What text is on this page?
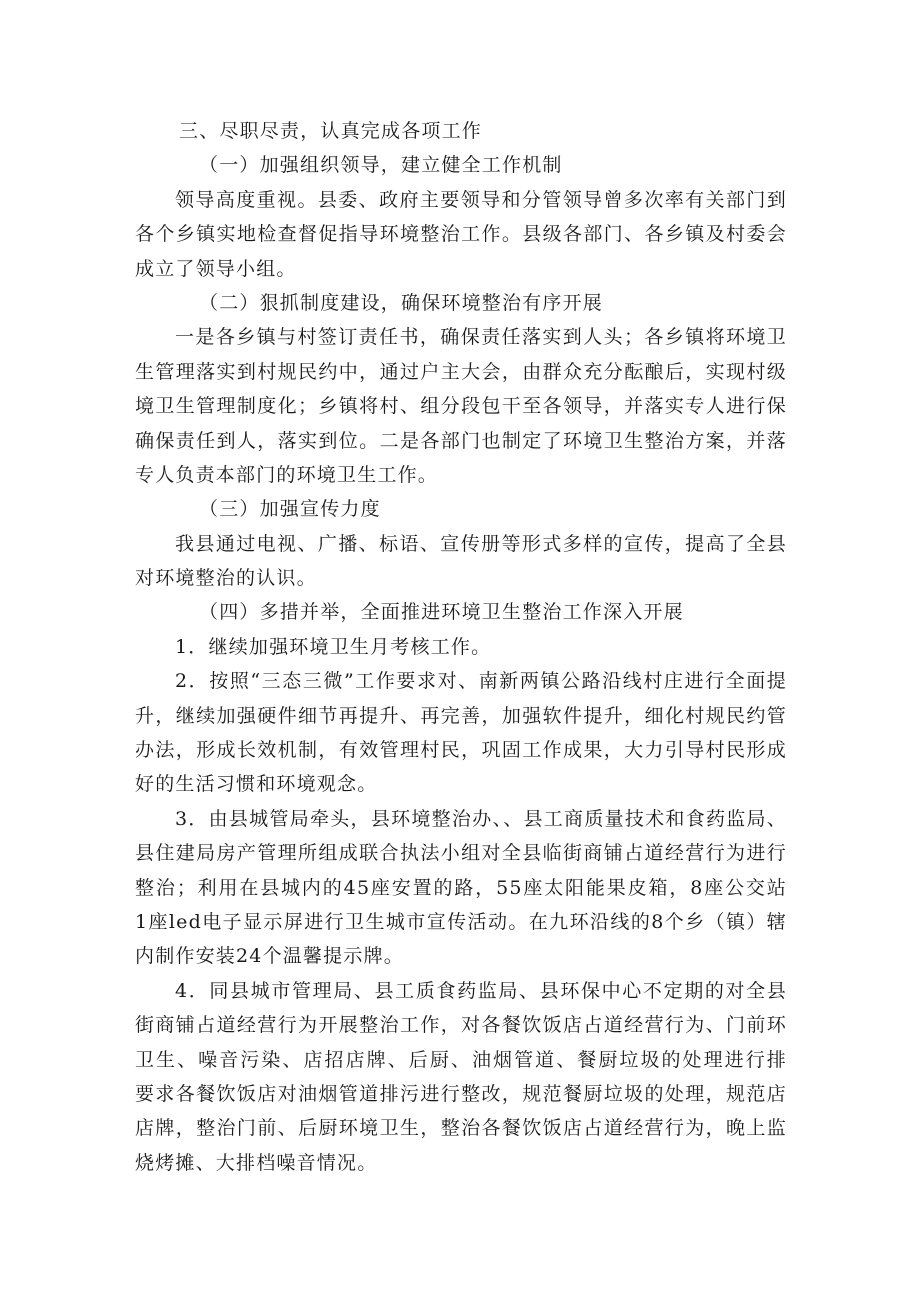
三、尽职尽责，认真完成各项工作
（一）加强组织领导，建立健全工作机制
领导高度重视。县委、政府主要领导和分管领导曾多次率有关部门到
各个乡镇实地检查督促指导环境整治工作。县级各部门、各乡镇及村委会
成立了领导小组。
（二）狠抓制度建设，确保环境整治有序开展
一是各乡镇与村签订责任书，确保责任落实到人头；各乡镇将环境卫
生管理落实到村规民约中，通过户主大会，由群众充分酝酿后，实现村级
境卫生管理制度化；乡镇将村、组分段包干至各领导，并落实专人进行保
确保责任到人，落实到位。二是各部门也制定了环境卫生整治方案，并落
专人负责本部门的环境卫生工作。
（三）加强宣传力度
我县通过电视、广播、标语、宣传册等形式多样的宣传，提高了全县
对环境整治的认识。
（四）多措并举，全面推进环境卫生整治工作深入开展
1．继续加强环境卫生月考核工作。
2．按照“三态三微”工作要求对、南新两镇公路沿线村庄进行全面提
升，继续加强硬件细节再提升、再完善，加强软件提升，细化村规民约管
办法，形成长效机制，有效管理村民，巩固工作成果，大力引导村民形成
好的生活习惯和环境观念。
3．由县城管局牵头，县环境整治办、、县工商质量技术和食药监局、
县住建局房产管理所组成联合执法小组对全县临街商铺占道经营行为进行
整治；利用在县城内的45座安置的路，55座太阳能果皮箱，8座公交站
1座led电子显示屏进行卫生城市宣传活动。在九环沿线的8个乡（镇）辖
内制作安装24个温馨提示牌。
4．同县城市管理局、县工质食药监局、县环保中心不定期的对全县
街商铺占道经营行为开展整治工作，对各餐饮饭店占道经营行为、门前环
卫生、噪音污染、店招店牌、后厨、油烟管道、餐厨垃圾的处理进行排
要求各餐饮饭店对油烟管道排污进行整改，规范餐厨垃圾的处理，规范店
店牌，整治门前、后厨环境卫生，整治各餐饮饭店占道经营行为，晚上监
烧烤摊、大排档噪音情况。
